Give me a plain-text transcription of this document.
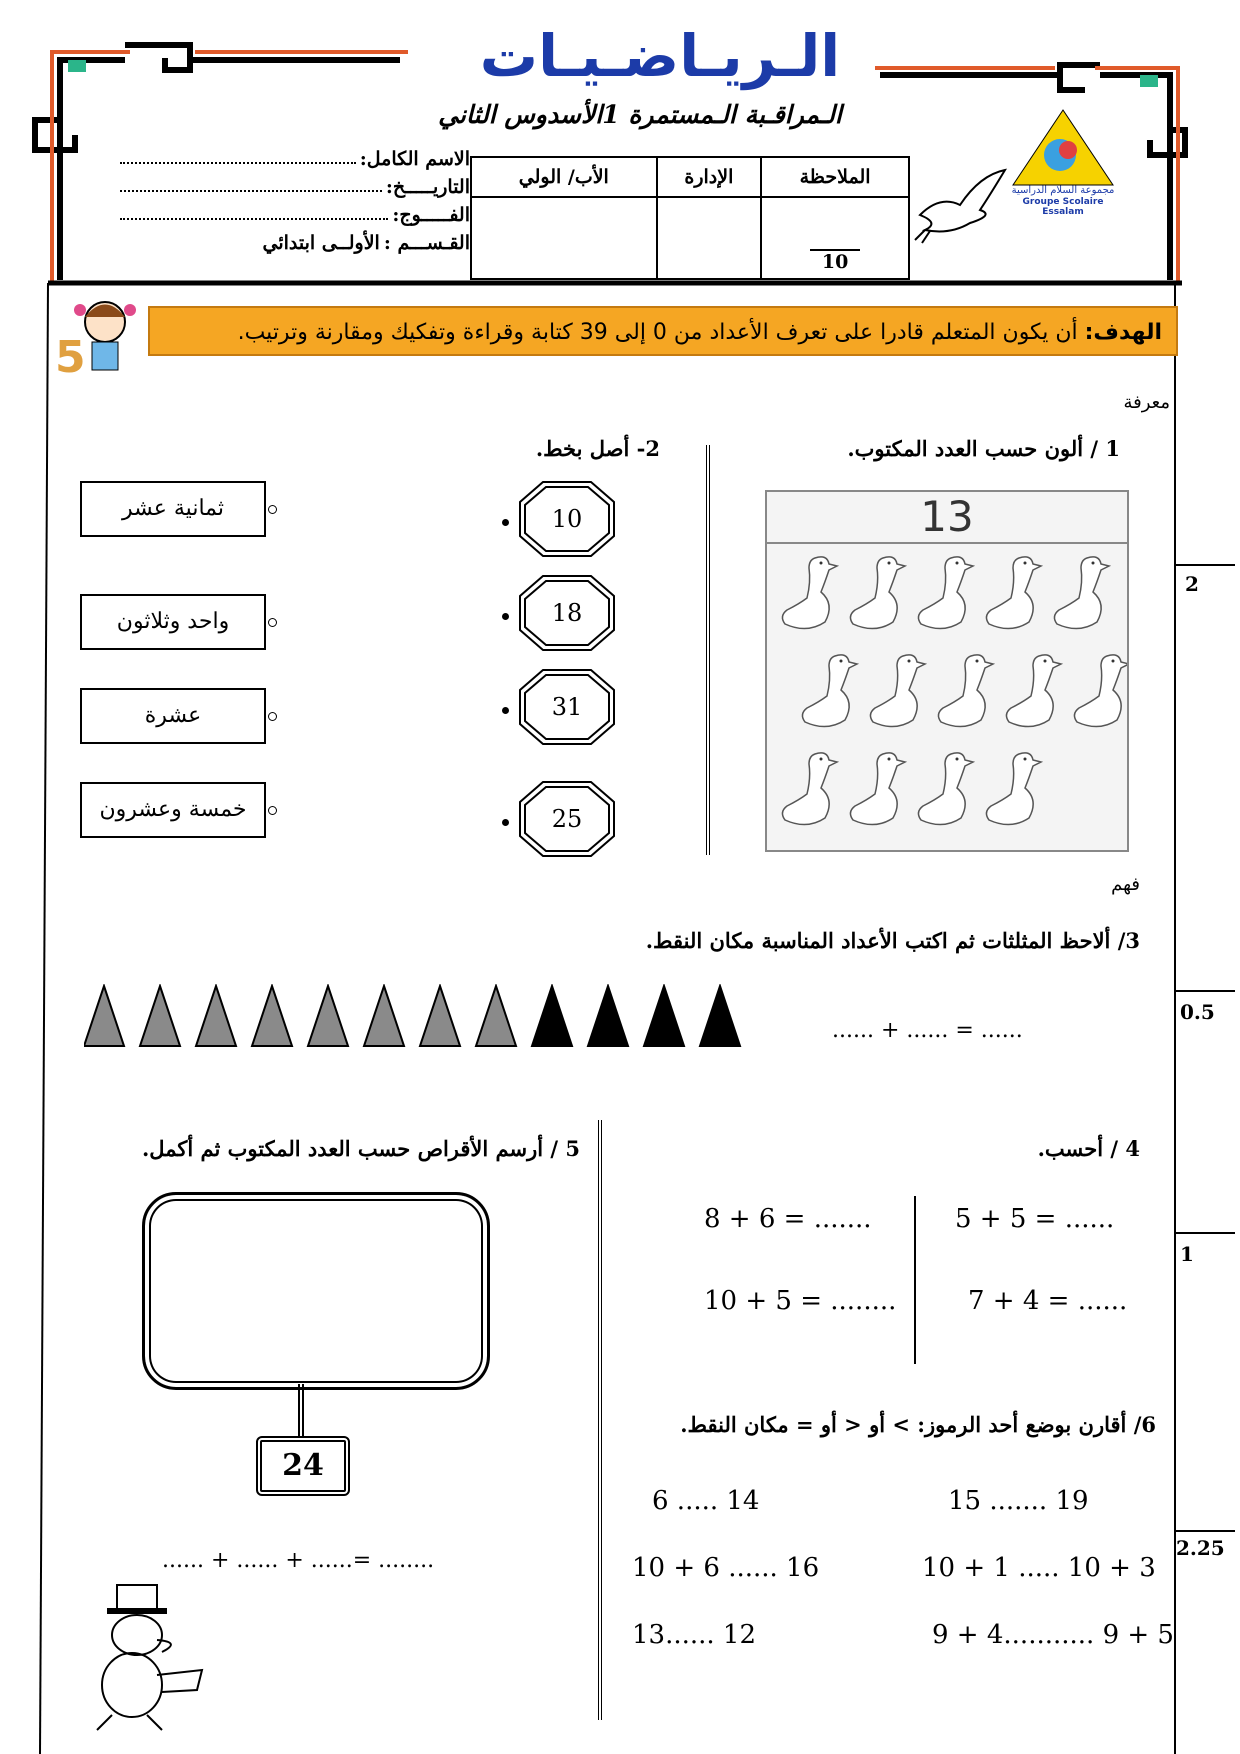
الـريـاضـيـات
الـمراقـبة الـمستمرة 1الأسدوس الثاني
مجموعة السلام الدراسية
Groupe Scolaire Essalam
الأب/ الولي	الإدارة	الملاحظة

		10
الاسم الكامل:
التاريـــــخ:
الفـــــوج:
القـســـم :
الأولــى ابتدائي
الهدف: أن يكون المتعلم قادرا على تعرف الأعداد من 0 إلى 39 كتابة وقراءة وتفكيك ومقارنة وترتيب.
5
معرفة
فهم
1 / ألون حسب العدد المكتوب.
13
2- أصل بخط.
10
18
31
25
ثمانية عشر
واحد وثلاثون
عشرة
خمسة وعشرون
3/ ألاحظ المثلثات ثم اكتب الأعداد المناسبة مكان النقط.
...... + ...... = ......
4 / أحسب.
5 + 5 = ......
8 + 6 = .......
7 + 4 = ......
10 + 5 = ........
5 / أرسم الأقراص حسب العدد المكتوب ثم أكمل.
24
...... + ...... + ......= ........
6/ أقارن بوضع أحد الرموز: > أو < أو = مكان النقط.
15 ....... 19
6 ..... 14
10 + 1 ..... 10 + 3
10 + 6 ...... 16
9 + 4........... 9 + 5
13...... 12
2
0.5
1
2.25
